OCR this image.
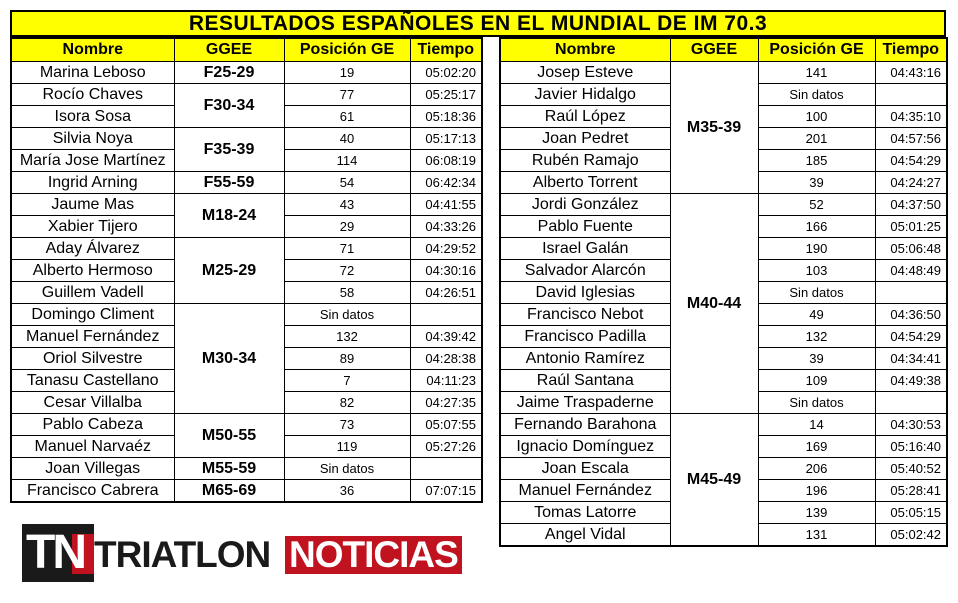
RESULTADOS ESPAÑOLES EN EL MUNDIAL DE IM 70.3
Nombre	GGEE	Posición GE	Tiempo
Marina Leboso	F25-29	19	05:02:20
Rocío Chaves	F30-34	77	05:25:17
Isora Sosa		61	05:18:36
Silvia Noya	F35-39	40	05:17:13
María Jose Martínez		114	06:08:19
Ingrid Arning	F55-59	54	06:42:34
Jaume Mas	M18-24	43	04:41:55
Xabier Tijero		29	04:33:26
Aday Álvarez	M25-29	71	04:29:52
Alberto Hermoso		72	04:30:16
Guillem Vadell		58	04:26:51
Domingo Climent	M30-34	Sin datos	
Manuel Fernández		132	04:39:42
Oriol Silvestre		89	04:28:38
Tanasu Castellano		7	04:11:23
Cesar Villalba		82	04:27:35
Pablo Cabeza	M50-55	73	05:07:55
Manuel Narvaéz		119	05:27:26
Joan Villegas	M55-59	Sin datos	
Francisco Cabrera	M65-69	36	07:07:15
Nombre	GGEE	Posición GE	Tiempo
Josep Esteve	M35-39	141	04:43:16
Javier Hidalgo		Sin datos	
Raúl López		100	04:35:10
Joan Pedret		201	04:57:56
Rubén Ramajo		185	04:54:29
Alberto Torrent		39	04:24:27
Jordi González	M40-44	52	04:37:50
Pablo Fuente		166	05:01:25
Israel Galán		190	05:06:48
Salvador Alarcón		103	04:48:49
David Iglesias		Sin datos	
Francisco Nebot		49	04:36:50
Francisco Padilla		132	04:54:29
Antonio Ramírez		39	04:34:41
Raúl Santana		109	04:49:38
Jaime Traspaderne		Sin datos	
Fernando Barahona	M45-49	14	04:30:53
Ignacio Domínguez		169	05:16:40
Joan Escala		206	05:40:52
Manuel Fernández		196	05:28:41
Tomas Latorre		139	05:05:15
Angel Vidal		131	05:02:42
TN TRIATLON NOTICIAS
